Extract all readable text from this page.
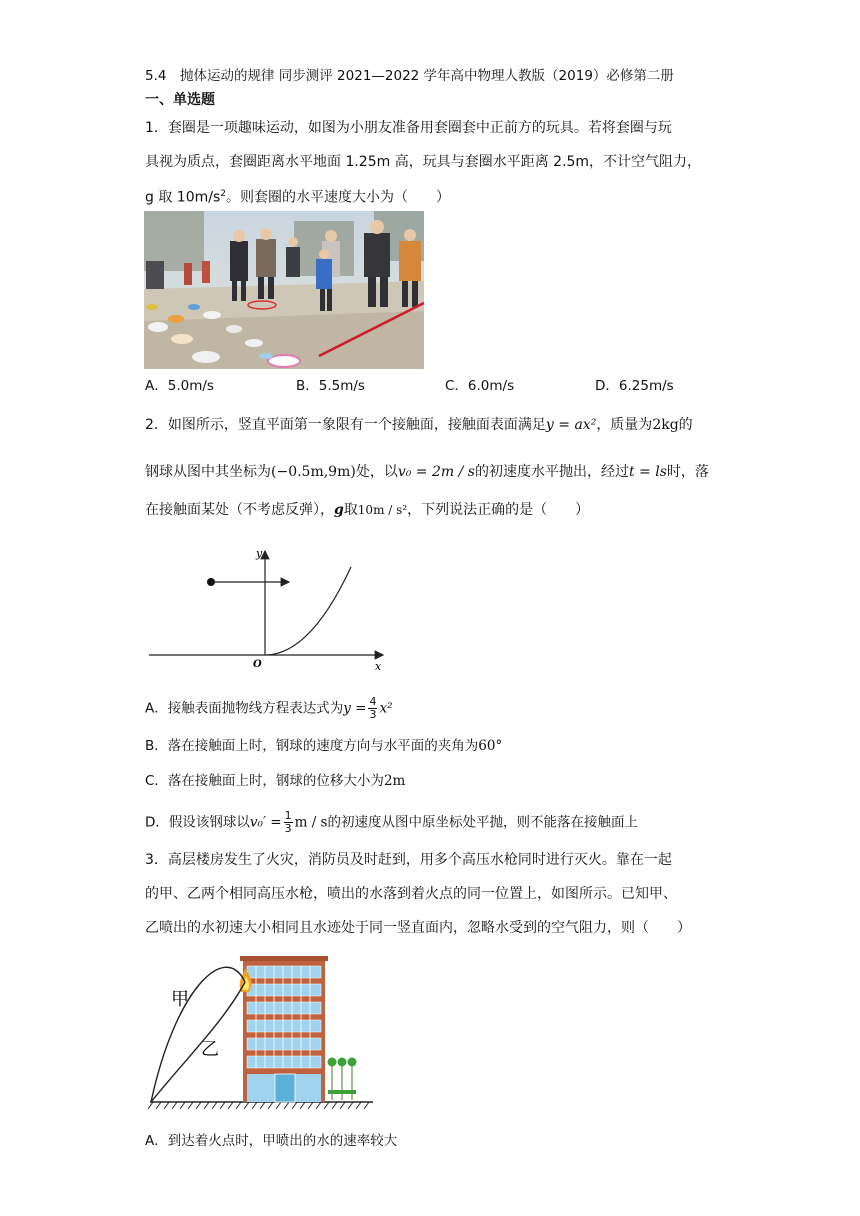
5.4　抛体运动的规律 同步测评 2021—2022 学年高中物理人教版（2019）必修第二册
一、单选题
1．套圈是一项趣味运动，如图为小朋友准备用套圈套中正前方的玩具。若将套圈与玩
具视为质点，套圈距离水平地面 1.25m 高，玩具与套圈水平距离 2.5m，不计空气阻力，
g 取 $10m/s^2$。则套圈的水平速度大小为（　　）
A．5.0m/s	B．5.5m/s	C．6.0m/s	D．6.25m/s
2．如图所示，竖直平面第一象限有一个接触面，接触面表面满足y = ax²，质量为2kg的
钢球从图中其坐标为(−0.5m,9m)处，以v₀ = 2m / s的初速度水平抛出，经过t = ls时，落
在接触面某处（不考虑反弹），g取10m / s²，下列说法正确的是（　　）
y
x
O
A．接触表面抛物线方程表达式为$y = \frac{4}{3} x^2$
B．落在接触面上时，钢球的速度方向与水平面的夹角为60°
C．落在接触面上时，钢球的位移大小为2m
D．假设该钢球以$v_0' = \frac{1}{3}$ m / s的初速度从图中原坐标处平抛，则不能落在接触面上
3．高层楼房发生了火灾，消防员及时赶到，用多个高压水枪同时进行灭火。靠在一起
的甲、乙两个相同高压水枪，喷出的水落到着火点的同一位置上，如图所示。已知甲、
乙喷出的水初速大小相同且水迹处于同一竖直面内，忽略水受到的空气阻力，则（　　）
甲
乙
A．到达着火点时，甲喷出的水的速率较大
